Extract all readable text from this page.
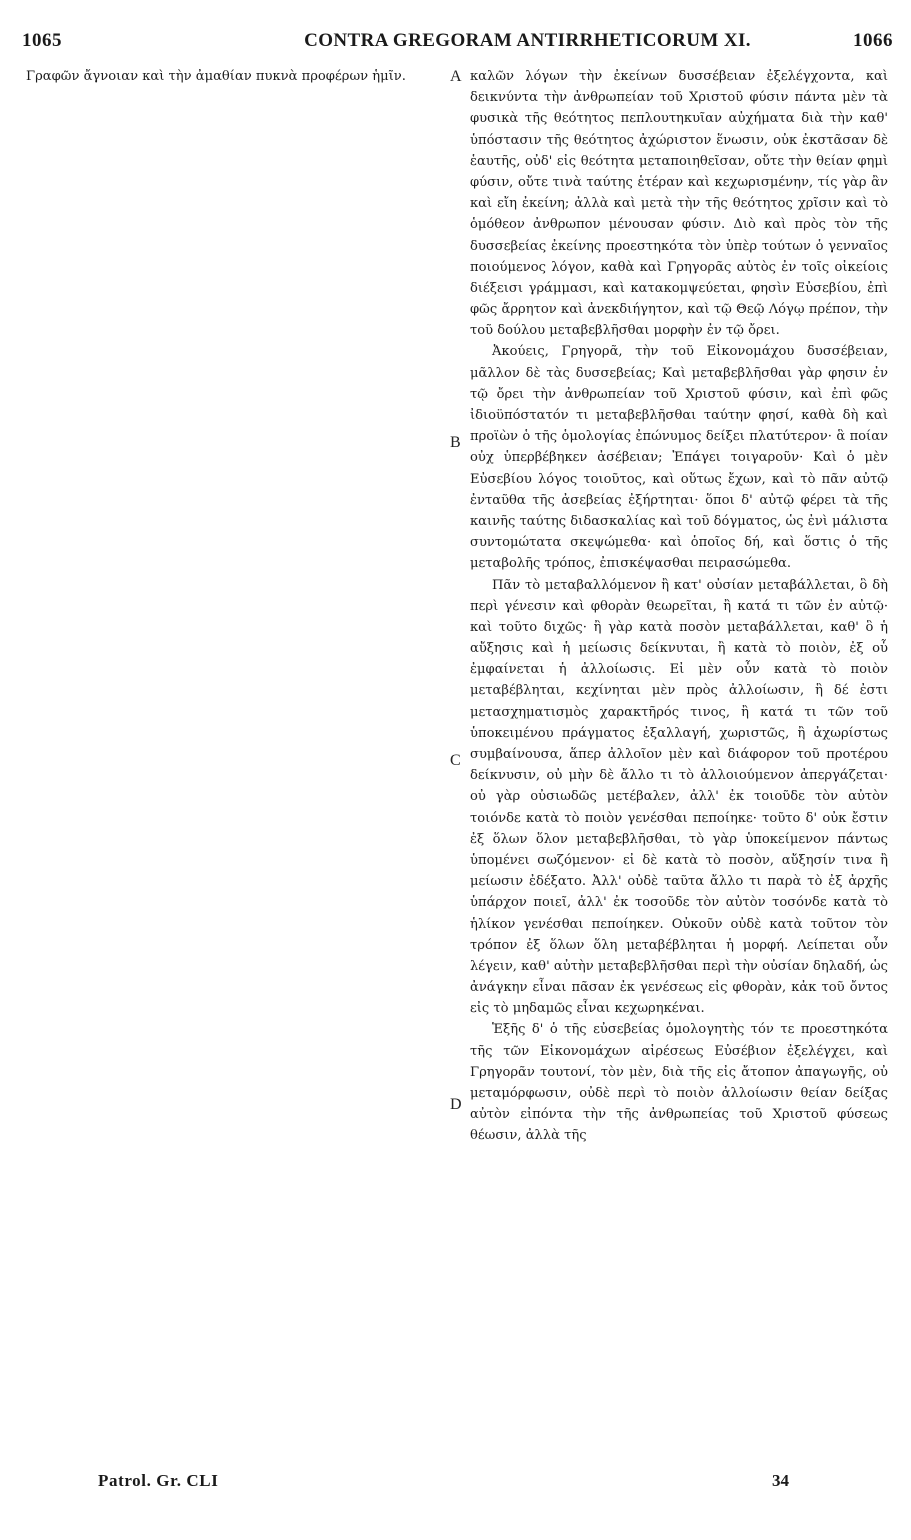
1065	CONTRA GREGORAM ANTIRRHETICORUM XI.	1066

Γραφῶν ἄγνοιαν καὶ τὴν ἀμαθίαν πυκνὰ προφέρων ἡμῖν.	καλῶν λόγων τὴν ἐκείνων δυσσέβειαν ἐξελέγχοντα, καὶ δεικνύντα τὴν ἀνθρωπείαν τοῦ Χριστοῦ φύσιν πάντα μὲν τὰ φυσικὰ τῆς θεότητος πεπλουτηκυῖαν αὐχήματα διὰ τὴν καθ' ὑπόστασιν τῆς θεότητος ἀχώριστον ἕνωσιν, οὐκ ἐκστᾶσαν δὲ ἑαυτῆς, οὐδ' εἰς θεότητα μεταποιηθεῖσαν, οὔτε τὴν θείαν φημὶ φύσιν, οὔτε τινὰ ταύτης ἑτέραν καὶ κεχωρισμένην, τίς γὰρ ἂν καὶ εἴη ἐκείνη; ἀλλὰ καὶ μετὰ τὴν τῆς θεότητος χρῖσιν καὶ τὸ ὁμόθεον ἀνθρωπον μένουσαν φύσιν. Διὸ καὶ πρὸς τὸν τῆς δυσσεβείας ἐκείνης προεστηκότα τὸν ὑπὲρ τούτων ὁ γενναῖος ποιούμενος λόγον, καθὰ καὶ Γρηγορᾶς αὐτὸς ἐν τοῖς οἰκείοις διέξεισι γράμμασι, καὶ κατακομψεύεται, φησὶν Εὐσεβίου, ἐπὶ φῶς ἄρρητον καὶ ἀνεκδιήγητον, καὶ τῷ Θεῷ Λόγῳ πρέπον, τὴν τοῦ δούλου μεταβεβλῆσθαι μορφὴν ἐν τῷ ὄρει.

Ἀκούεις, Γρηγορᾶ, τὴν τοῦ Εἰκονομάχου δυσσέβειαν, μᾶλλον δὲ τὰς δυσσεβείας; Καὶ μεταβεβλῆσθαι γὰρ φησιν ἐν τῷ ὄρει τὴν ἀνθρωπείαν τοῦ Χριστοῦ φύσιν, καὶ ἐπὶ φῶς ἰδιοϋπόστατόν τι μεταβεβλῆσθαι ταύτην φησί, καθὰ δὴ καὶ προϊὼν ὁ τῆς ὁμολογίας ἐπώνυμος δείξει πλατύτερον· ἃ ποίαν οὐχ ὑπερβέβηκεν ἀσέβειαν; Ἐπάγει τοιγαροῦν· Καὶ ὁ μὲν Εὐσεβίου λόγος τοιοῦτος, καὶ οὕτως ἔχων, καὶ τὸ πᾶν αὐτῷ ἐνταῦθα τῆς ἀσεβείας ἐξήρτηται· ὅποι δ' αὐτῷ φέρει τὰ τῆς καινῆς ταύτης διδασκαλίας καὶ τοῦ δόγματος, ὡς ἐνὶ μάλιστα συντομώτατα σκεψώμεθα· καὶ ὁποῖος δή, καὶ ὅστις ὁ τῆς μεταβολῆς τρόπος, ἐπισκέψασθαι πειρασώμεθα.

Πᾶν τὸ μεταβαλλόμενον ἢ κατ' οὐσίαν μεταβάλλεται, ὃ δὴ περὶ γένεσιν καὶ φθορὰν θεωρεῖται, ἢ κατά τι τῶν ἐν αὐτῷ· καὶ τοῦτο διχῶς· ἢ γὰρ κατὰ ποσὸν μεταβάλλεται, καθ' ὃ ἡ αὔξησις καὶ ἡ μείωσις δείκνυται, ἢ κατὰ τὸ ποιὸν, ἐξ οὗ ἐμφαίνεται ἡ ἀλλοίωσις. Εἰ μὲν οὖν κατὰ τὸ ποιὸν μεταβέβληται, κεχίνηται μὲν πρὸς ἀλλοίωσιν, ἣ δέ ἐστι μετασχηματισμὸς χαρακτῆρός τινος, ἢ κατά τι τῶν τοῦ ὑποκειμένου πράγματος ἐξαλλαγή, χωριστῶς, ἢ ἀχωρίστως συμβαίνουσα, ἅπερ ἀλλοῖον μὲν καὶ διάφορον τοῦ προτέρου δείκνυσιν, οὐ μὴν δὲ ἄλλο τι τὸ ἀλλοιούμενον ἀπεργάζεται· οὐ γὰρ οὐσιωδῶς μετέβαλεν, ἀλλ' ἐκ τοιοῦδε τὸν αὐτὸν τοιόνδε κατὰ τὸ ποιὸν γενέσθαι πεποίηκε· τοῦτο δ' οὐκ ἔστιν ἐξ ὅλων ὅλον μεταβεβλῆσθαι, τὸ γὰρ ὑποκείμενον πάντως ὑπομένει σωζόμενον· εἰ δὲ κατὰ τὸ ποσὸν, αὔξησίν τινα ἢ μείωσιν ἐδέξατο. Ἀλλ' οὐδὲ ταῦτα ἄλλο τι παρὰ τὸ ἐξ ἀρχῆς ὑπάρχον ποιεῖ, ἀλλ' ἐκ τοσοῦδε τὸν αὐτὸν τοσόνδε κατὰ τὸ ἡλίκον γενέσθαι πεποίηκεν. Οὐκοῦν οὐδὲ κατὰ τοῦτον τὸν τρόπον ἐξ ὅλων ὅλη μεταβέβληται ἡ μορφή. Λείπεται οὖν λέγειν, καθ' αὐτὴν μεταβεβλῆσθαι περὶ τὴν οὐσίαν δηλαδή, ὡς ἀνάγκην εἶναι πᾶσαν ἐκ γενέσεως εἰς φθορὰν, κἀκ τοῦ ὄντος εἰς τὸ μηδαμῶς εἶναι κεχωρηκέναι.

Ἑξῆς δ' ὁ τῆς εὐσεβείας ὁμολογητὴς τόν τε προεστηκότα τῆς τῶν Εἰκονομάχων αἱρέσεως Εὐσέβιον ἐξελέγχει, καὶ Γρηγορᾶν τουτονί, τὸν μὲν, διὰ τῆς εἰς ἄτοπον ἀπαγωγῆς, οὐ μεταμόρφωσιν, οὐδὲ περὶ τὸ ποιὸν ἀλλοίωσιν θείαν δείξας αὐτὸν εἰπόντα τὴν τῆς ἀνθρωπείας τοῦ Χριστοῦ φύσεως θέωσιν, ἀλλὰ τῆς

A
B
C
D
Patrol. Gr. CLI	34
